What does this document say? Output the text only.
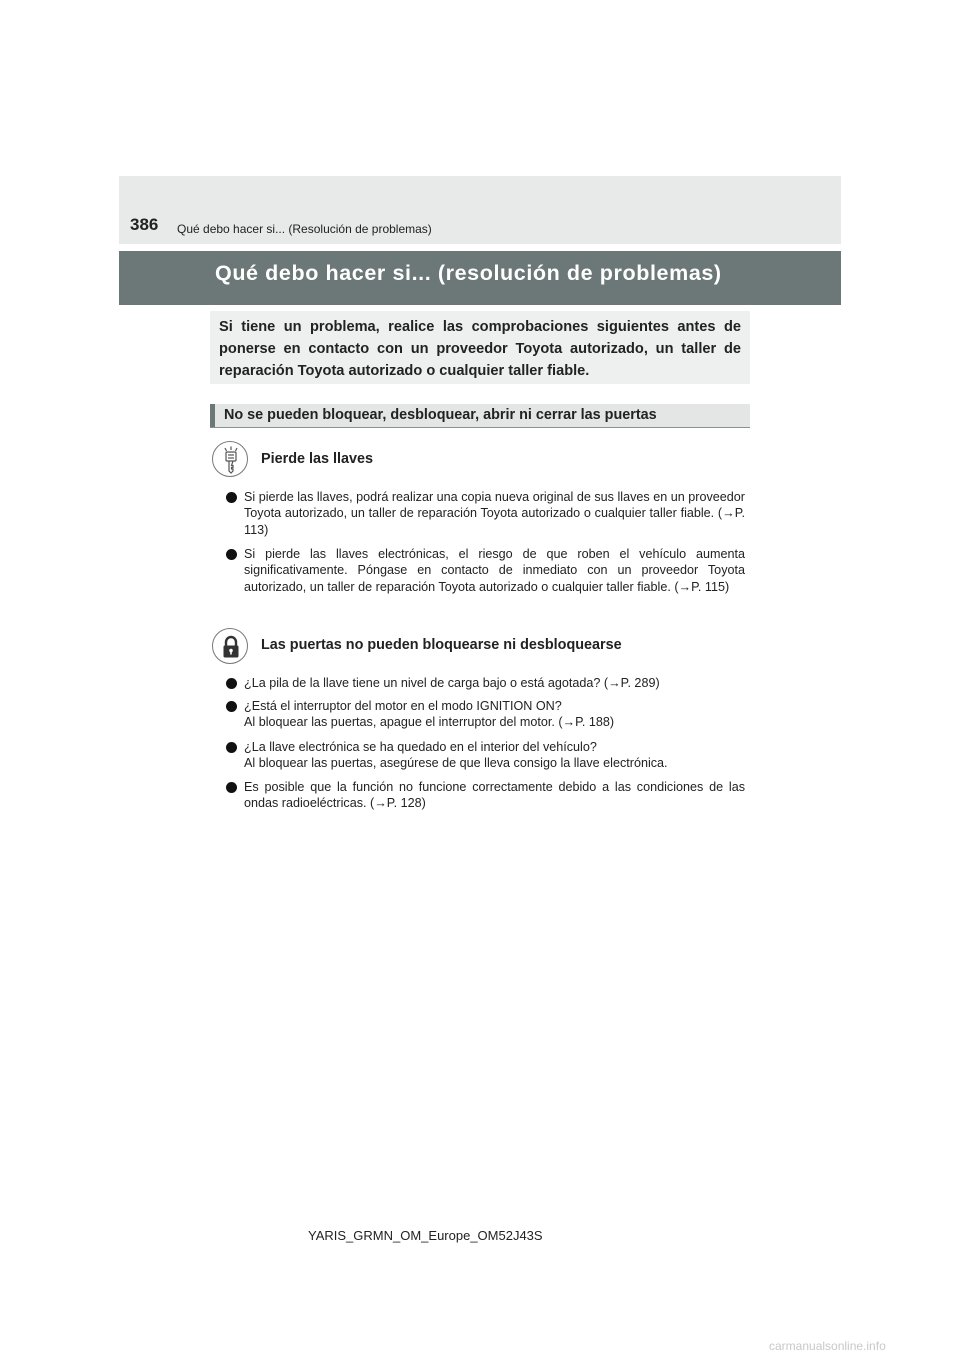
386 Qué debo hacer si... (Resolución de problemas)
Qué debo hacer si... (resolución de problemas)
Si tiene un problema, realice las comprobaciones siguientes antes de ponerse en contacto con un proveedor Toyota autorizado, un taller de reparación Toyota autorizado o cualquier taller fiable.
No se pueden bloquear, desbloquear, abrir ni cerrar las puertas
Pierde las llaves
Si pierde las llaves, podrá realizar una copia nueva original de sus llaves en un proveedor Toyota autorizado, un taller de reparación Toyota autorizado o cualquier taller fiable. (→P. 113)
Si pierde las llaves electrónicas, el riesgo de que roben el vehículo aumenta significativamente. Póngase en contacto de inmediato con un proveedor Toyota autorizado, un taller de reparación Toyota autorizado o cualquier taller fiable. (→P. 115)
Las puertas no pueden bloquearse ni desbloquearse
¿La pila de la llave tiene un nivel de carga bajo o está agotada? (→P. 289)
¿Está el interruptor del motor en el modo IGNITION ON?
Al bloquear las puertas, apague el interruptor del motor. (→P. 188)
¿La llave electrónica se ha quedado en el interior del vehículo?
Al bloquear las puertas, asegúrese de que lleva consigo la llave electrónica.
Es posible que la función no funcione correctamente debido a las condiciones de las ondas radioeléctricas. (→P. 128)
YARIS_GRMN_OM_Europe_OM52J43S
carmanualsonline.info
